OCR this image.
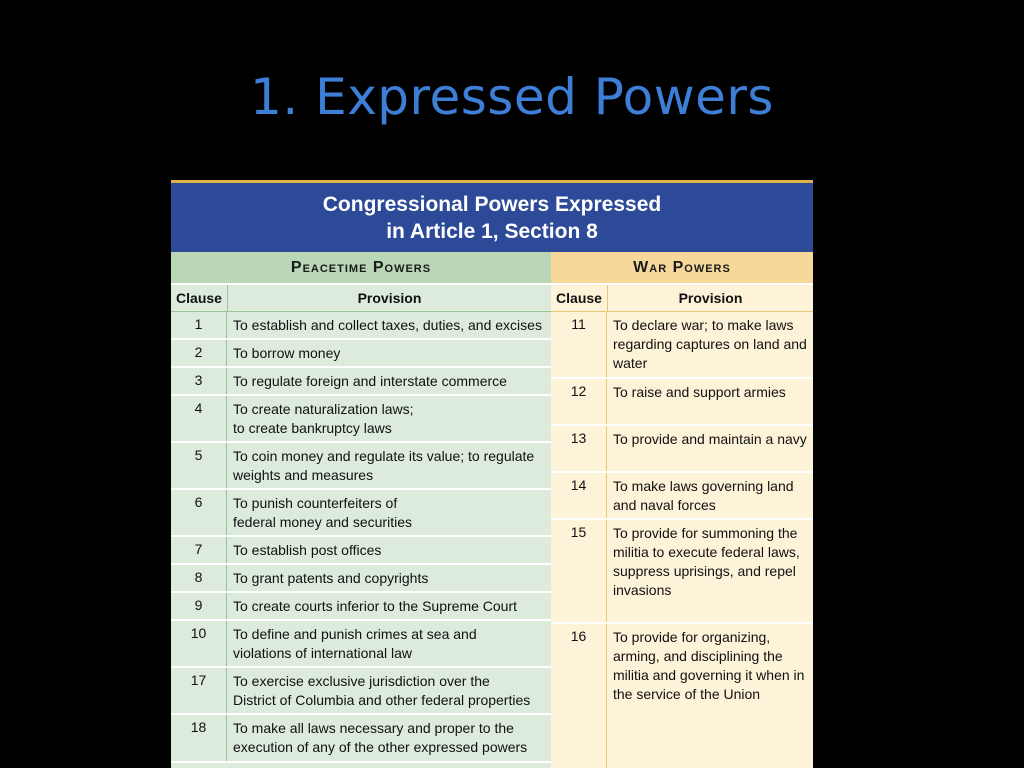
1. Expressed Powers
Congressional Powers Expressed
in Article 1, Section 8
Peacetime Powers
Clause	Provision
1	To establish and collect taxes, duties, and excises
2	To borrow money
3	To regulate foreign and interstate commerce
4	To create naturalization laws;
to create bankruptcy laws
5	To coin money and regulate its value; to regulate
weights and measures
6	To punish counterfeiters of
federal money and securities
7	To establish post offices
8	To grant patents and copyrights
9	To create courts inferior to the Supreme Court
10	To define and punish crimes at sea and
violations of international law
17	To exercise exclusive jurisdiction over the
District of Columbia and other federal properties
18	To make all laws necessary and proper to the
execution of any of the other expressed powers
War Powers
Clause	Provision
11	To declare war; to make laws regarding captures on land and water
12	To raise and support armies
13	To provide and maintain a navy
14	To make laws governing land and naval forces
15	To provide for summoning the militia to execute federal laws, suppress uprisings, and repel invasions
16	To provide for organizing, arming, and disciplining the militia and governing it when in the service of the Union
